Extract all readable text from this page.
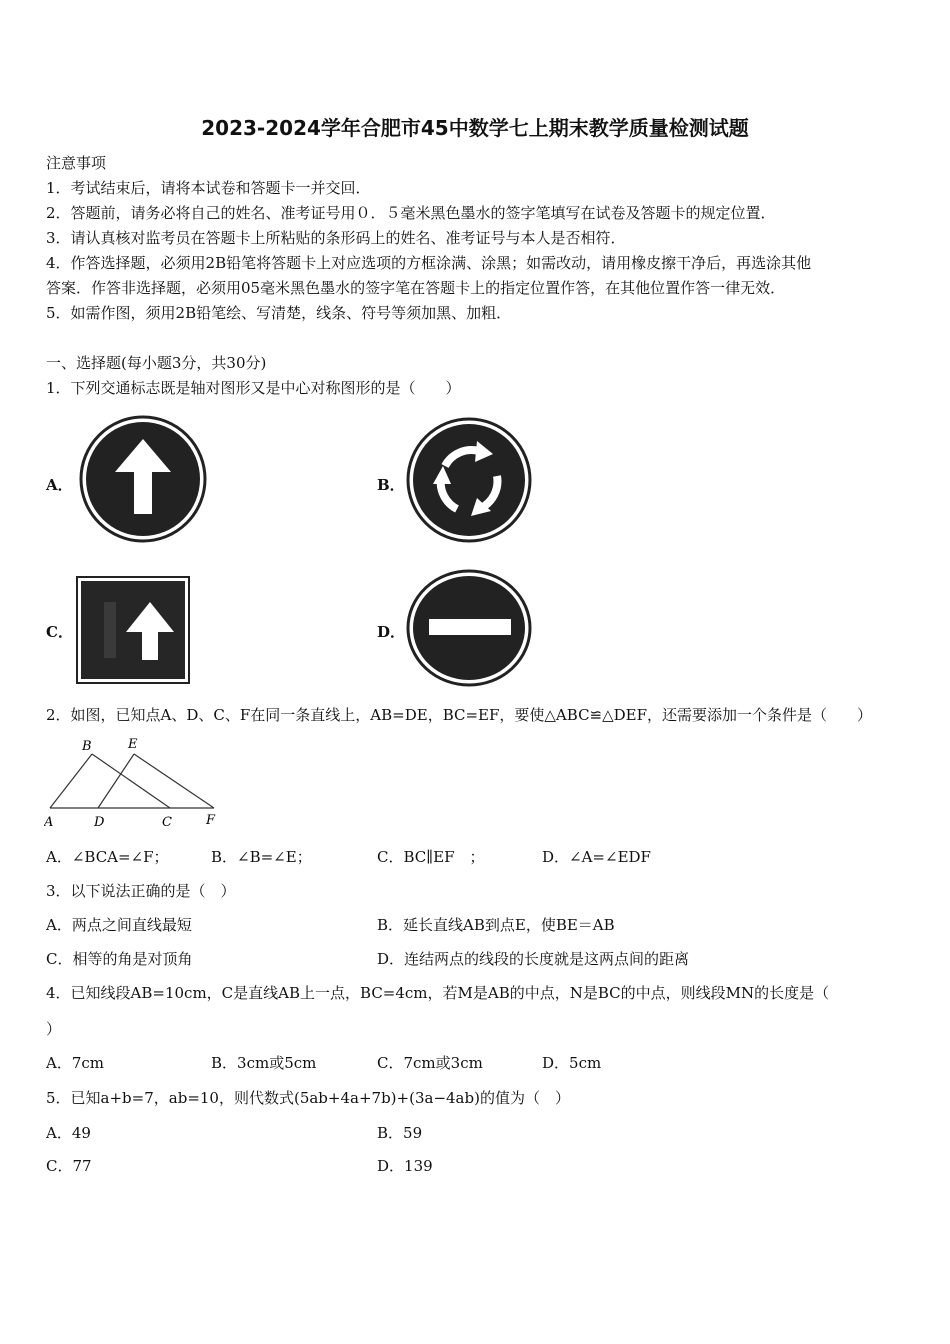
2023-2024学年合肥市45中数学七上期末教学质量检测试题
注意事项
1．考试结束后，请将本试卷和答题卡一并交回．
2．答题前，请务必将自己的姓名、准考证号用０．５毫米黑色墨水的签字笔填写在试卷及答题卡的规定位置．
3．请认真核对监考员在答题卡上所粘贴的条形码上的姓名、准考证号与本人是否相符．
4．作答选择题，必须用2B铅笔将答题卡上对应选项的方框涂满、涂黑；如需改动，请用橡皮擦干净后，再选涂其他
答案．作答非选择题，必须用05毫米黑色墨水的签字笔在答题卡上的指定位置作答，在其他位置作答一律无效．
5．如需作图，须用2B铅笔绘、写清楚，线条、符号等须加黑、加粗．
一、选择题(每小题3分，共30分)
1．下列交通标志既是轴对图形又是中心对称图形的是（　　）
A．	B．
C．	D．
2．如图，已知点A、D、C、F在同一条直线上，AB=DE，BC=EF，要使△ABC≌△DEF，还需要添加一个条件是（　　）
B	E
A	D	C	F
A．∠BCA=∠F；	B．∠B=∠E；	C．BC∥EF　；	D．∠A=∠EDF
3．以下说法正确的是（　）
A．两点之间直线最短	B．延长直线AB到点E，使BE＝AB
C．相等的角是对顶角	D．连结两点的线段的长度就是这两点间的距离
4．已知线段AB=10cm，C是直线AB上一点，BC=4cm，若M是AB的中点，N是BC的中点，则线段MN的长度是（
）
A．7cm	B．3cm或5cm	C．7cm或3cm	D．5cm
5．已知a+b=7，ab=10，则代数式(5ab+4a+7b)+(3a−4ab)的值为（　）
A．49	B．59
C．77	D．139
